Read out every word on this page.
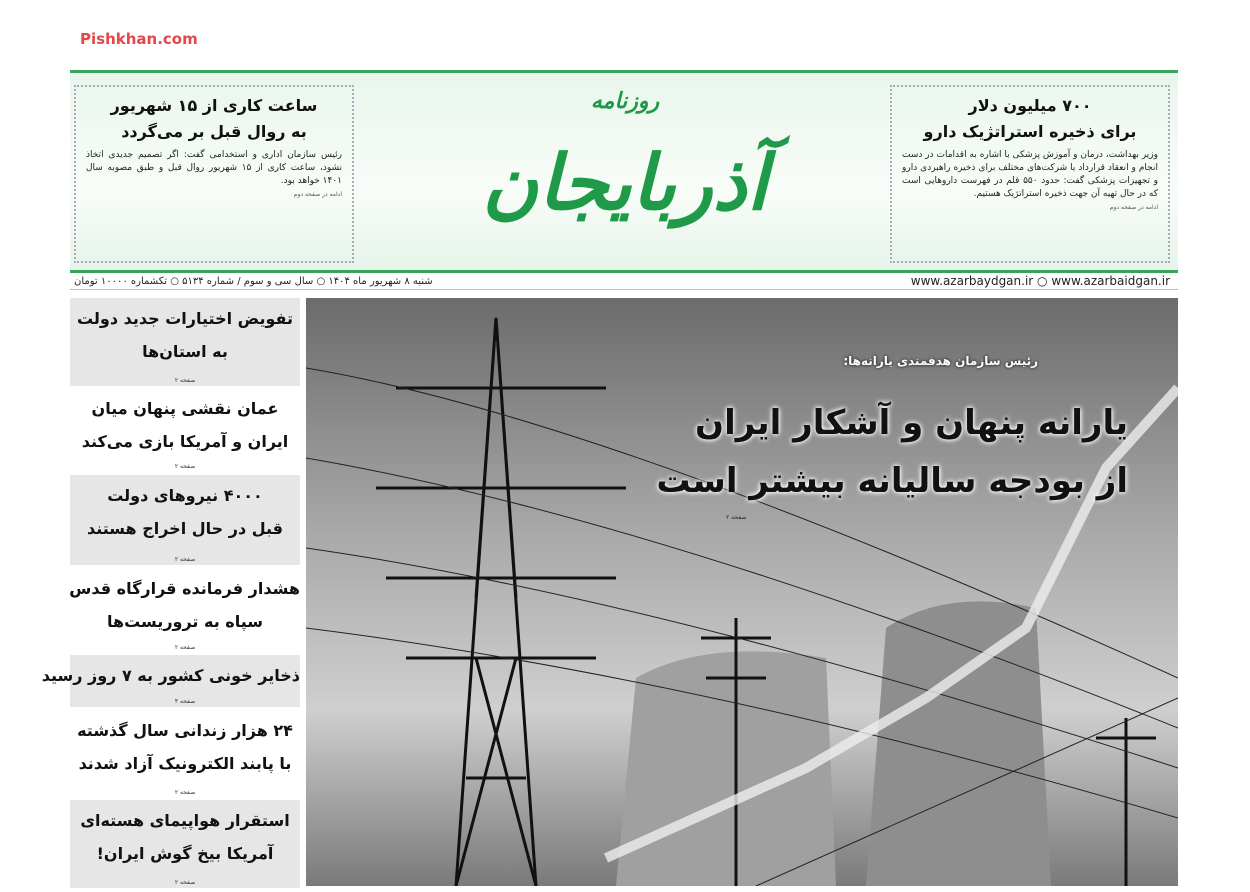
۷۰۰ میلیون دلار
برای ذخیره استراتژیک دارو

وزیر بهداشت، درمان و آموزش پزشکی با اشاره به اقدامات در دست انجام و انعقاد قرارداد با شرکت‌های مختلف برای ذخیره راهبردی دارو و تجهیزات پزشکی گفت: حدود ۵۵۰ قلم در فهرست داروهایی است که در حال تهیه آن جهت ذخیره استراتژیک هستیم.

ادامه در صفحه دوم
روزنامه
آذربایجان
ساعت کاری از ۱۵ شهریور
به روال قبل بر می‌گردد

رئیس سازمان اداری و استخدامی گفت: اگر تصمیم جدیدی اتخاذ نشود، ساعت کاری از ۱۵ شهریور روال قبل و طبق مصوبه سال ۱۴۰۱ خواهد بود.

ادامه در صفحه دوم
شنبه ۸ شهریور ماه ۱۴۰۴ ○ سال سی و سوم / شماره ۵۱۳۴ ○ تکشماره ۱۰۰۰۰ تومان	www.azarbaydgan.ir ○ www.azarbaidgan.ir
تفویض اختیارات جدید دولت
به استان‌ها
صفحه ۲
عمان نقشی پنهان میان
ایران و آمریکا بازی می‌کند
صفحه ۲
۴۰۰۰ نیروهای دولت
قبل در حال اخراج هستند
صفحه ۲
هشدار فرمانده قرارگاه قدس
سپاه به تروریست‌ها
صفحه ۲
ذخایر خونی کشور به ۷ روز رسید
صفحه ۴
۲۴ هزار زندانی سال گذشته
با پابند الکترونیک آزاد شدند
صفحه ۲
استقرار هواپیمای هسته‌ای
آمریکا بیخ گوش ایران!
صفحه ۲
رئیس سازمان هدفمندی یارانه‌ها:
یارانه پنهان و آشکار ایران
از بودجه سالیانه بیشتر است
صفحه ۲
Pishkhan.com
